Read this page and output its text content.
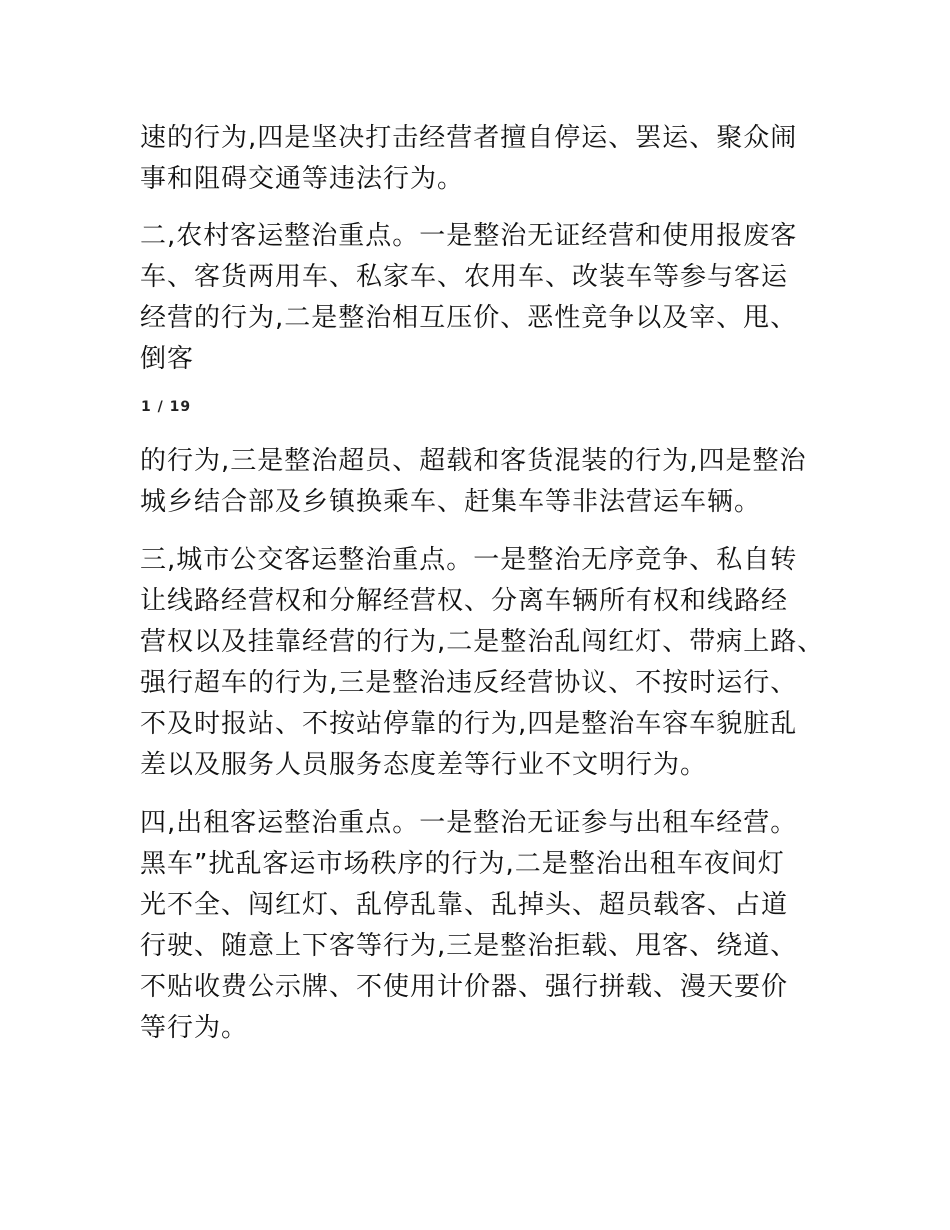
速的行为,四是坚决打击经营者擅自停运、罢运、聚众闹
事和阻碍交通等违法行为。

二,农村客运整治重点。一是整治无证经营和使用报废客
车、客货两用车、私家车、农用车、改装车等参与客运
经营的行为,二是整治相互压价、恶性竞争以及宰、甩、
倒客

1 / 19

的行为,三是整治超员、超载和客货混装的行为,四是整治
城乡结合部及乡镇换乘车、赶集车等非法营运车辆。

三,城市公交客运整治重点。一是整治无序竞争、私自转
让线路经营权和分解经营权、分离车辆所有权和线路经
营权以及挂靠经营的行为,二是整治乱闯红灯、带病上路、
强行超车的行为,三是整治违反经营协议、不按时运行、
不及时报站、不按站停靠的行为,四是整治车容车貌脏乱
差以及服务人员服务态度差等行业不文明行为。

四,出租客运整治重点。一是整治无证参与出租车经营。
黑车”扰乱客运市场秩序的行为,二是整治出租车夜间灯
光不全、闯红灯、乱停乱靠、乱掉头、超员载客、占道
行驶、随意上下客等行为,三是整治拒载、甩客、绕道、
不贴收费公示牌、不使用计价器、强行拼载、漫天要价
等行为。
